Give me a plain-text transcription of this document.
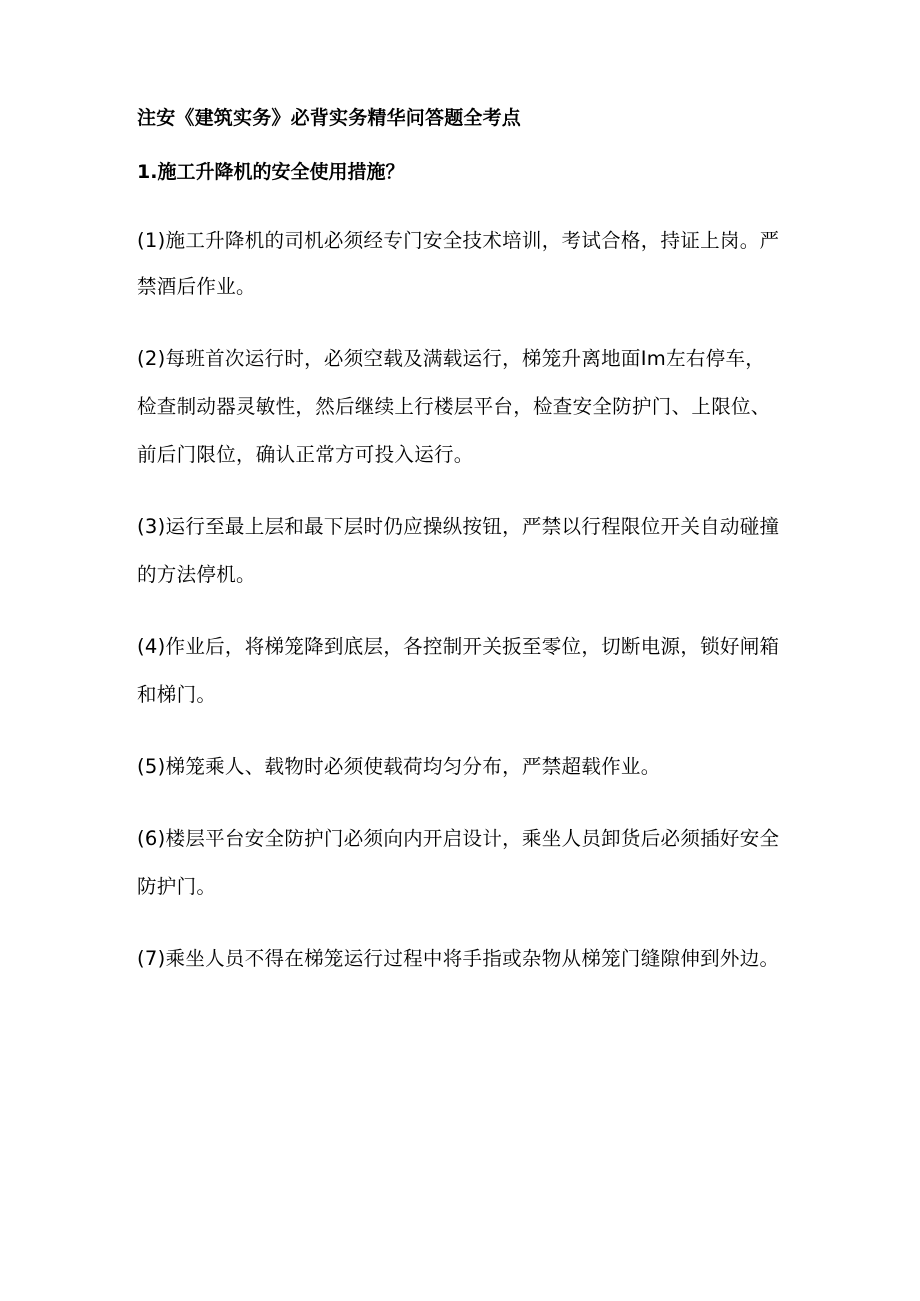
注安《建筑实务》必背实务精华问答题全考点
1.施工升降机的安全使用措施？
(1)施工升降机的司机必须经专门安全技术培训，考试合格，持证上岗。严
禁酒后作业。
(2)每班首次运行时，必须空载及满载运行，梯笼升离地面Im左右停车，
检查制动器灵敏性，然后继续上行楼层平台，检查安全防护门、上限位、
前后门限位，确认正常方可投入运行。
(3)运行至最上层和最下层时仍应操纵按钮，严禁以行程限位开关自动碰撞
的方法停机。
(4)作业后，将梯笼降到底层，各控制开关扳至零位，切断电源，锁好闸箱
和梯门。
(5)梯笼乘人、载物时必须使载荷均匀分布，严禁超载作业。
(6)楼层平台安全防护门必须向内开启设计，乘坐人员卸货后必须插好安全
防护门。
(7)乘坐人员不得在梯笼运行过程中将手指或杂物从梯笼门缝隙伸到外边。
